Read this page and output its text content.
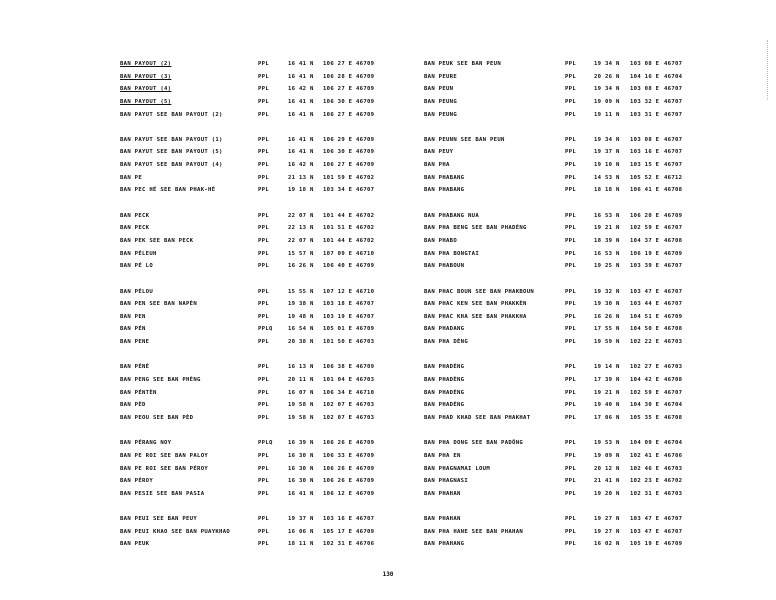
BAN PAYOUT (2)	PPL	16 41 N 106 27 E 46709
BAN PAYOUT (3)	PPL	16 41 N 106 28 E 46709
BAN PAYOUT (4)	PPL	16 42 N 106 27 E 46709
BAN PAYOUT (5)	PPL	16 41 N 106 30 E 46709
BAN PAYUT SEE BAN PAYOUT (2)	PPL	16 41 N 106 27 E 46709
BAN PAYUT SEE BAN PAYOUT (1)	PPL	16 41 N 106 29 E 46709
BAN PAYUT SEE BAN PAYOUT (5)	PPL	16 41 N 106 30 E 46709
BAN PAYUT SEE BAN PAYOUT (4)	PPL	16 42 N 106 27 E 46709
BAN PE	PPL	21 13 N 101 59 E 46702
BAN PEC HÉ SEE BAN PHAK-HÈ	PPL	19 18 N 103 34 E 46707
BAN PECK	PPL	22 07 N 101 44 E 46702
BAN PECK	PPL	22 13 N 101 51 E 46702
BAN PEK SEE BAN PECK	PPL	22 07 N 101 44 E 46702
BAN PÉLEUH	PPL	15 57 N 107 09 E 46710
BAN PÉ LO	PPL	16 26 N 106 40 E 46709
BAN PÉLOU	PPL	15 55 N 107 12 E 46710
BAN PEN SEE BAN NAPÈN	PPL	19 38 N 103 18 E 46707
BAN PEN	PPL	19 48 N 103 19 E 46707
BAN PÉN	PPLQ	16 54 N 105 01 E 46709
BAN PENE	PPL	20 38 N 101 50 E 46703
BAN PÉNÉ	PPL	16 13 N 106 38 E 46709
BAN PENG SEE BAN PHÈNG	PPL	20 11 N 101 04 E 46703
BAN PÉNTÈN	PPL	16 07 N 106 34 E 46710
BAN PÈD	PPL	19 58 N 102 07 E 46703
BAN PEOU SEE BAN PÈD	PPL	19 58 N 102 07 E 46703
BAN PÉRANG NOY	PPLQ	16 39 N 106 26 E 46709
BAN PE ROI SEE BAN PALOY	PPL	16 30 N 106 33 E 46709
BAN PE ROI SEE BAN PÉROY	PPL	16 30 N 106 26 E 46709
BAN PÉROY	PPL	16 30 N 106 26 E 46709
BAN PESIE SEE BAN PASIA	PPL	16 41 N 106 12 E 46709
BAN PEUI SEE BAN PEUY	PPL	19 37 N 103 16 E 46707
BAN PEUI KHAO SEE BAN PUAYKHAO	PPL	16 06 N 105 17 E 46709
BAN PEUK	PPL	18 11 N 102 31 E 46706
BAN PEUK SEE BAN PEUN	PPL	19 34 N 103 08 E 46707
BAN PEURE	PPL	20 26 N 104 16 E 46704
BAN PEUN	PPL	19 34 N 103 08 E 46707
BAN PEUNG	PPL	19 09 N 103 32 E 46707
BAN PEUNG	PPL	19 11 N 103 31 E 46707
BAN PEUNN SEE BAN PEUN	PPL	19 34 N 103 08 E 46707
BAN PEUY	PPL	19 37 N 103 16 E 46707
BAN PHA	PPL	19 10 N 103 15 E 46707
BAN PHABANG	PPL	14 53 N 105 52 E 46712
BAN PHABANG	PPL	18 18 N 106 41 E 46708
BAN PHABANG NUA	PPL	16 53 N 106 20 E 46709
BAN PHA BENG SEE BAN PHADÈNG	PPL	19 21 N 102 59 E 46707
BAN PHABO	PPL	18 39 N 104 37 E 46708
BAN PHA BONGTAI	PPL	16 53 N 106 19 E 46709
BAN PHABOUN	PPL	19 25 N 103 39 E 46707
BAN PHAC BOUN SEE BAN PHAKBOUN	PPL	19 32 N 103 47 E 46707
BAN PHAC KEN SEE BAN PHAKKÈN	PPL	19 30 N 103 44 E 46707
BAN PHAC KHA SEE BAN PHAKKHA	PPL	16 26 N 104 51 E 46709
BAN PHADANG	PPL	17 55 N 104 50 E 46708
BAN PHA DÈNG	PPL	19 59 N 102 22 E 46703
BAN PHADÈNG	PPL	19 14 N 102 27 E 46703
BAN PHADÈNG	PPL	17 39 N 104 42 E 46708
BAN PHADÈNG	PPL	19 21 N 102 59 E 46707
BAN PHADÈNG	PPL	19 40 N 104 30 E 46704
BAN PHAD KHAD SEE BAN PHAKHAT	PPL	17 06 N 105 35 E 46708
BAN PHA DONG SEE BAN PADÔNG	PPL	19 53 N 104 09 E 46704
BAN PHA EN	PPL	19 09 N 102 41 E 46706
BAN PHAGNAMAI LOUM	PPL	20 12 N 102 46 E 46703
BAN PHAGNASI	PPL	21 41 N 102 23 E 46702
BAN PHAHAN	PPL	19 20 N 102 31 E 46703
BAN PHAHAN	PPL	19 27 N 103 47 E 46707
BAN PHA HANE SEE BAN PHAHAN	PPL	19 27 N 103 47 E 46707
BAN PHAHANG	PPL	16 02 N 105 19 E 46709
130
